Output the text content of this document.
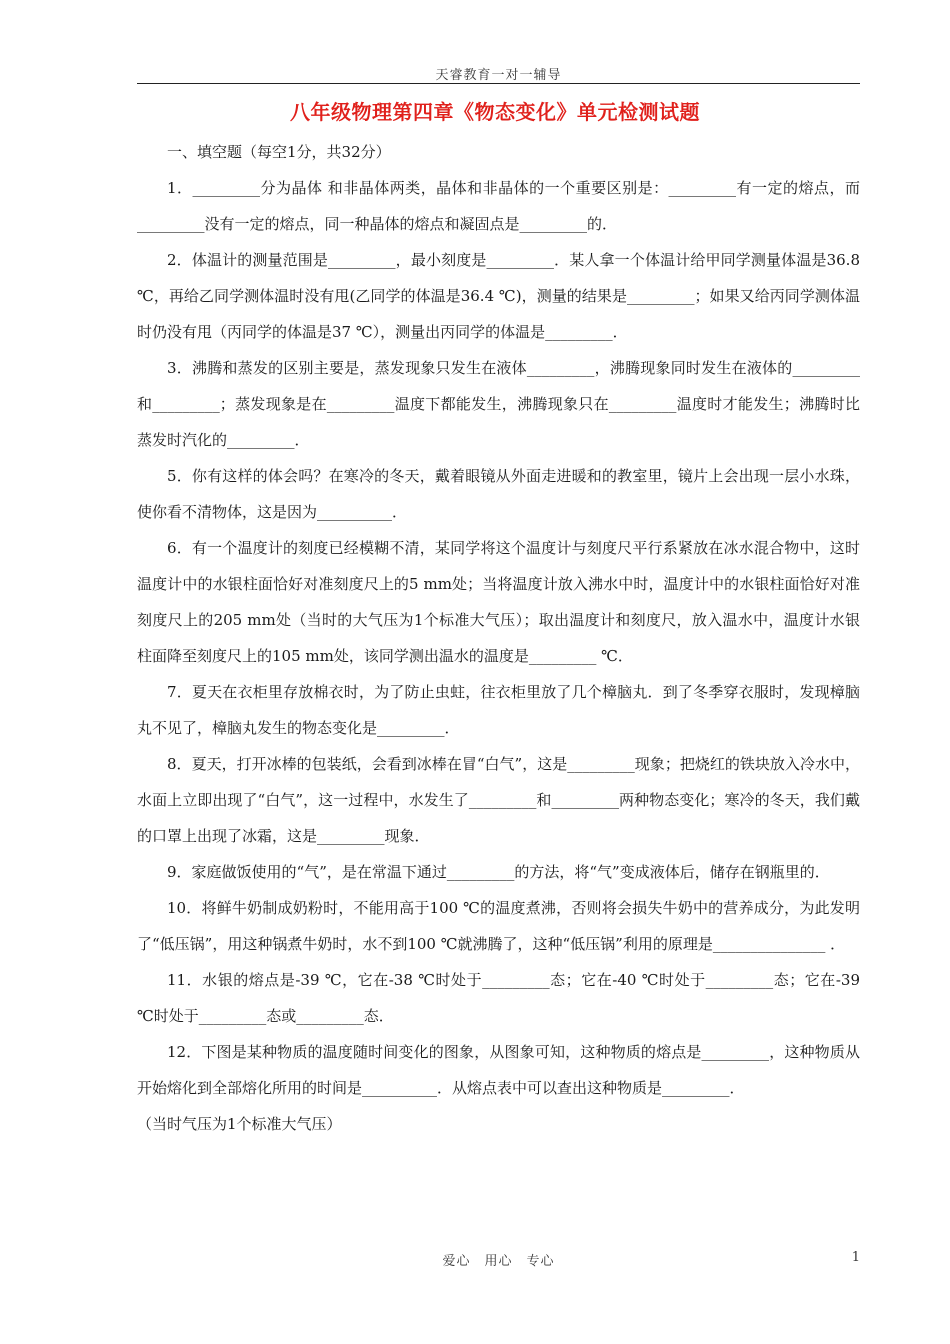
天睿教育一对一辅导
八年级物理第四章《物态变化》单元检测试题

一、填空题（每空1分，共32分）

1．_________分为晶体 和非晶体两类，晶体和非晶体的一个重要区别是：_________有一定的熔点，而_________没有一定的熔点，同一种晶体的熔点和凝固点是_________的．

2．体温计的测量范围是_________，最小刻度是_________．某人拿一个体温计给甲同学测量体温是36.8 ℃，再给乙同学测体温时没有甩(乙同学的体温是36.4 ℃)，测量的结果是_________；如果又给丙同学测体温时仍没有甩（丙同学的体温是37 ℃），测量出丙同学的体温是_________．

3．沸腾和蒸发的区别主要是，蒸发现象只发生在液体_________，沸腾现象同时发生在液体的_________和_________；蒸发现象是在_________温度下都能发生，沸腾现象只在_________温度时才能发生；沸腾时比蒸发时汽化的_________．

5．你有这样的体会吗？在寒冷的冬天，戴着眼镜从外面走进暖和的教室里，镜片上会出现一层小水珠，使你看不清物体，这是因为__________．

6．有一个温度计的刻度已经模糊不清，某同学将这个温度计与刻度尺平行系紧放在冰水混合物中，这时温度计中的水银柱面恰好对准刻度尺上的5 mm处；当将温度计放入沸水中时，温度计中的水银柱面恰好对准刻度尺上的205 mm处（当时的大气压为1个标准大气压）；取出温度计和刻度尺，放入温水中，温度计水银柱面降至刻度尺上的105 mm处，该同学测出温水的温度是_________ ℃．

7．夏天在衣柜里存放棉衣时，为了防止虫蛀，往衣柜里放了几个樟脑丸．到了冬季穿衣服时，发现樟脑丸不见了，樟脑丸发生的物态变化是_________．

8．夏天，打开冰棒的包装纸，会看到冰棒在冒“白气”，这是_________现象；把烧红的铁块放入冷水中，水面上立即出现了“白气”，这一过程中，水发生了_________和_________两种物态变化；寒冷的冬天，我们戴的口罩上出现了冰霜，这是_________现象．

9．家庭做饭使用的“气”，是在常温下通过_________的方法，将“气”变成液体后，储存在钢瓶里的．

10．将鲜牛奶制成奶粉时，不能用高于100 ℃的温度煮沸，否则将会损失牛奶中的营养成分，为此发明了“低压锅”，用这种锅煮牛奶时，水不到100 ℃就沸腾了，这种“低压锅”利用的原理是_______________ ．

11．水银的熔点是-39 ℃，它在-38 ℃时处于_________态；它在-40 ℃时处于_________态；它在-39 ℃时处于_________态或_________态．

12．下图是某种物质的温度随时间变化的图象，从图象可知，这种物质的熔点是_________，这种物质从开始熔化到全部熔化所用的时间是__________．从熔点表中可以查出这种物质是_________．

（当时气压为1个标准大气压）

爱心　用心　专心	1
